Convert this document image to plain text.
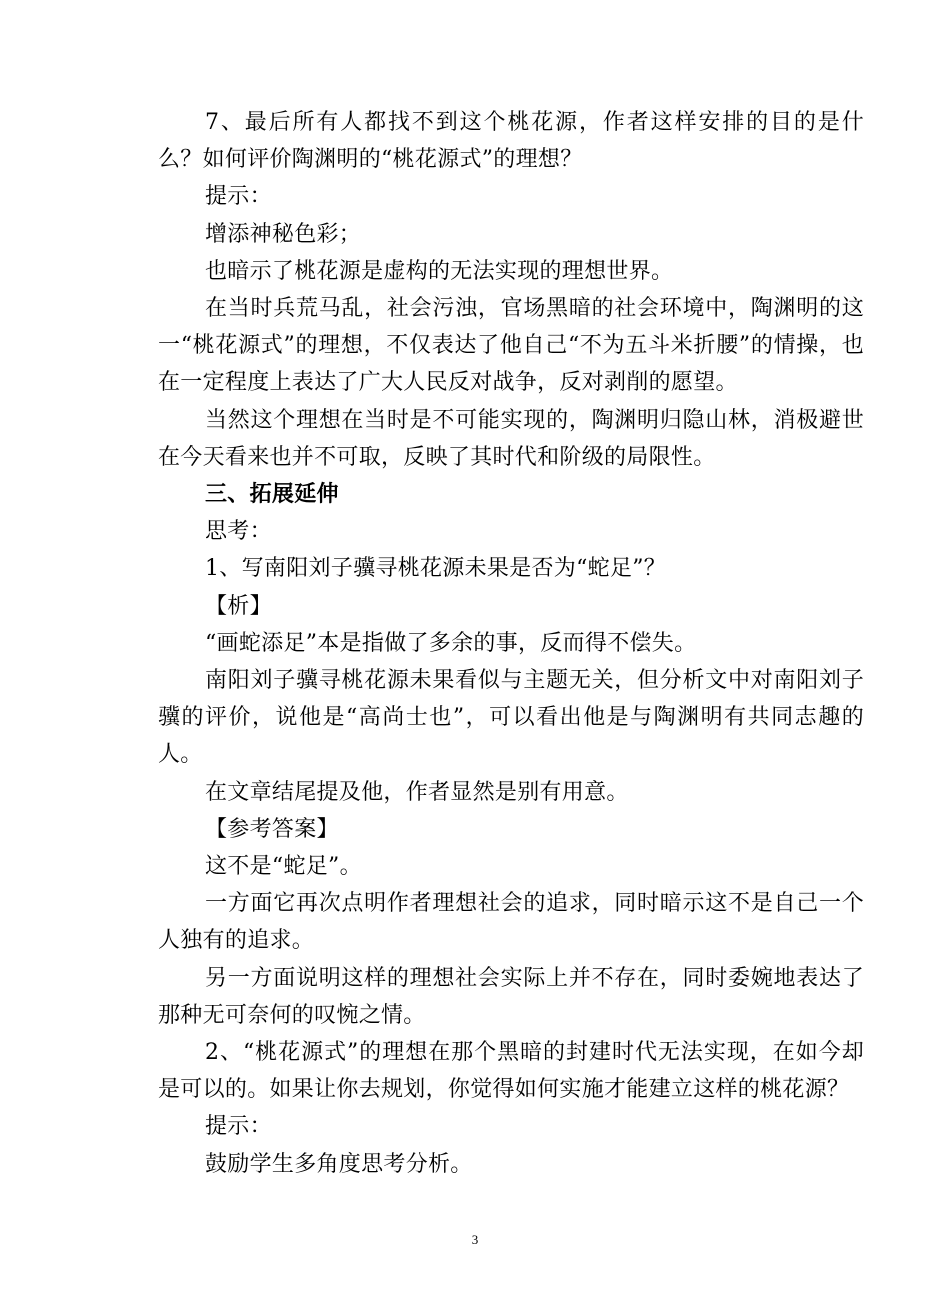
7、最后所有人都找不到这个桃花源，作者这样安排的目的是什么？如何评价陶渊明的“桃花源式”的理想？

提示：

增添神秘色彩；

也暗示了桃花源是虚构的无法实现的理想世界。

在当时兵荒马乱，社会污浊，官场黑暗的社会环境中，陶渊明的这一“桃花源式”的理想，不仅表达了他自己“不为五斗米折腰”的情操，也在一定程度上表达了广大人民反对战争，反对剥削的愿望。

当然这个理想在当时是不可能实现的，陶渊明归隐山林，消极避世在今天看来也并不可取，反映了其时代和阶级的局限性。

三、拓展延伸

思考：

1、写南阳刘子骥寻桃花源未果是否为“蛇足”？

【析】

“画蛇添足”本是指做了多余的事，反而得不偿失。

南阳刘子骥寻桃花源未果看似与主题无关，但分析文中对南阳刘子骥的评价，说他是“高尚士也”，可以看出他是与陶渊明有共同志趣的人。

在文章结尾提及他，作者显然是别有用意。

【参考答案】

这不是“蛇足”。

一方面它再次点明作者理想社会的追求，同时暗示这不是自己一个人独有的追求。

另一方面说明这样的理想社会实际上并不存在，同时委婉地表达了那种无可奈何的叹惋之情。

2、“桃花源式”的理想在那个黑暗的封建时代无法实现，在如今却是可以的。如果让你去规划，你觉得如何实施才能建立这样的桃花源？

提示：

鼓励学生多角度思考分析。

3
